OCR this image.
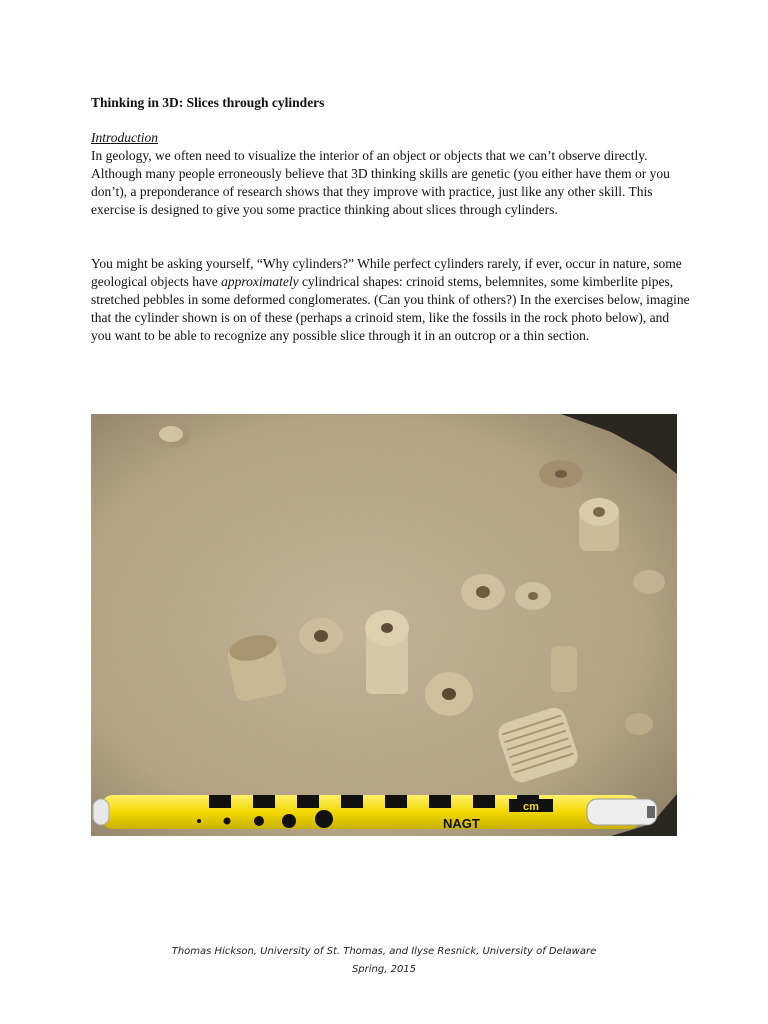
Thinking in 3D: Slices through cylinders

Introduction

In geology, we often need to visualize the interior of an object or objects that we can’t observe directly. Although many people erroneously believe that 3D thinking skills are genetic (you either have them or you don’t), a preponderance of research shows that they improve with practice, just like any other skill. This exercise is designed to give you some practice thinking about slices through cylinders.

You might be asking yourself, “Why cylinders?” While perfect cylinders rarely, if ever, occur in nature, some geological objects have approximately cylindrical shapes: crinoid stems, belemnites, some kimberlite pipes, stretched pebbles in some deformed conglomerates. (Can you think of others?) In the exercises below, imagine that the cylinder shown is on of these (perhaps a crinoid stem, like the fossils in the rock photo below), and you want to be able to recognize any possible slice through it in an outcrop or a thin section.

cm
NAGT
Thomas Hickson, University of St. Thomas, and Ilyse Resnick, University of Delaware
Spring, 2015
